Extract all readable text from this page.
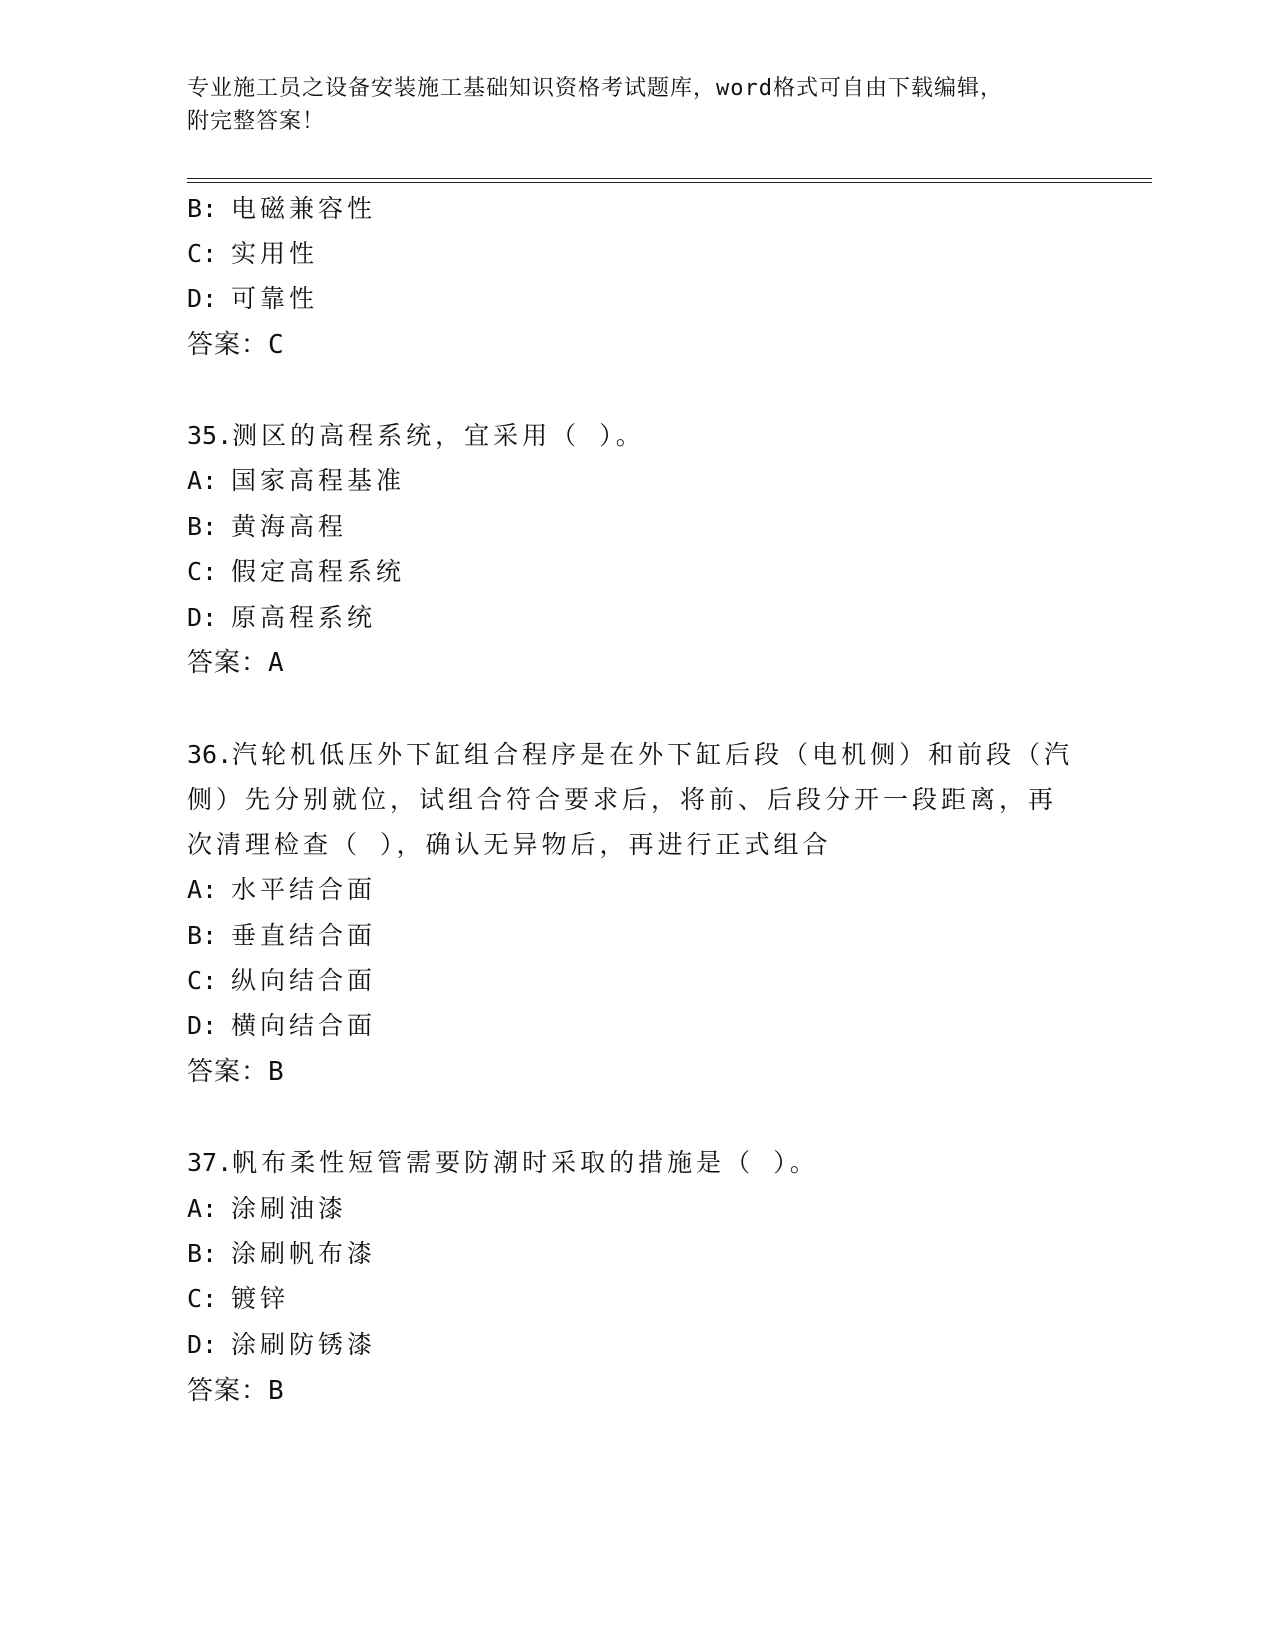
专业施工员之设备安装施工基础知识资格考试题库，word格式可自由下载编辑，
附完整答案！
B: 电磁兼容性
C: 实用性
D: 可靠性
答案：C
35.测区的高程系统，宜采用（ ）。
A: 国家高程基准
B: 黄海高程
C: 假定高程系统
D: 原高程系统
答案：A
36.汽轮机低压外下缸组合程序是在外下缸后段（电机侧）和前段（汽
侧）先分别就位，试组合符合要求后，将前、后段分开一段距离，再
次清理检查（ ），确认无异物后，再进行正式组合
A: 水平结合面
B: 垂直结合面
C: 纵向结合面
D: 横向结合面
答案：B
37.帆布柔性短管需要防潮时采取的措施是（ ）。
A: 涂刷油漆
B: 涂刷帆布漆
C: 镀锌
D: 涂刷防锈漆
答案：B
